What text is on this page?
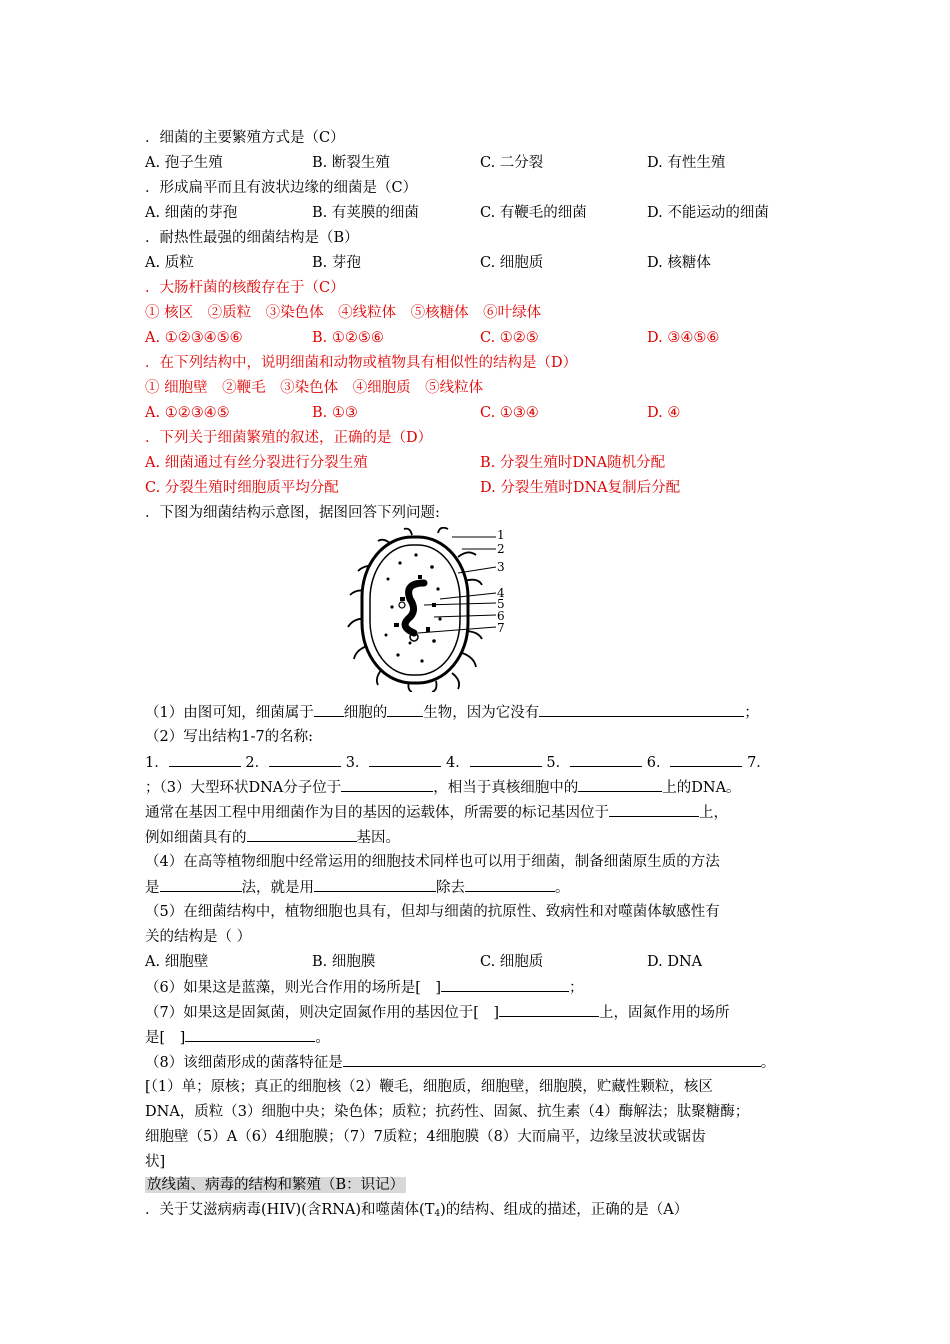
．细菌的主要繁殖方式是（C）
A. 孢子生殖	B. 断裂生殖	C. 二分裂	D. 有性生殖
．形成扁平而且有波状边缘的细菌是（C）
A. 细菌的芽孢	B. 有荚膜的细菌	C. 有鞭毛的细菌	D. 不能运动的细菌
．耐热性最强的细菌结构是（B）
A. 质粒	B. 芽孢	C. 细胞质	D. 核糖体
．大肠杆菌的核酸存在于（C）
① 核区　②质粒　③染色体　④线粒体　⑤核糖体　⑥叶绿体
A. ①②③④⑤⑥	B. ①②⑤⑥	C. ①②⑤	D. ③④⑤⑥
．在下列结构中，说明细菌和动物或植物具有相似性的结构是（D）
① 细胞壁　②鞭毛　③染色体　④细胞质　⑤线粒体
A. ①②③④⑤	B. ①③	C. ①③④	D. ④
．下列关于细菌繁殖的叙述，正确的是（D）
A. 细菌通过有丝分裂进行分裂生殖	B. 分裂生殖时DNA随机分配
C. 分裂生殖时细胞质平均分配	D. 分裂生殖时DNA复制后分配
．下图为细菌结构示意图，据图回答下列问题:
1
2
3
4
5
6
7
（1）由图可知，细菌属于 细胞的 生物，因为它没有	；
（2）写出结构1-7的名称:
1．	2．	3．	4．	5．	6．	7．
；（3）大型环状DNA分子位于	，相当于真核细胞中的	上的DNA。
通常在基因工程中用细菌作为目的基因的运载体，所需要的标记基因位于	上，
例如细菌具有的	基因。
（4）在高等植物细胞中经常运用的细胞技术同样也可以用于细菌，制备细菌原生质的方法
是	法，就是用	除去	。
（5）在细菌结构中，植物细胞也具有，但却与细菌的抗原性、致病性和对噬菌体敏感性有
关的结构是（ ）
A. 细胞壁	B. 细胞膜	C. 细胞质	D. DNA
（6）如果这是蓝藻，则光合作用的场所是[　]	；
（7）如果这是固氮菌，则决定固氮作用的基因位于[　]	上，固氮作用的场所
是[　]	。
（8）该细菌形成的菌落特征是	。
[（1）单；原核；真正的细胞核（2）鞭毛，细胞质，细胞壁，细胞膜，贮藏性颗粒，核区
DNA，质粒（3）细胞中央；染色体；质粒；抗药性、固氮、抗生素（4）酶解法；肽聚糖酶；
细胞壁（5）A（6）4细胞膜；（7）7质粒；4细胞膜（8）大而扁平，边缘呈波状或锯齿
状]
放线菌、病毒的结构和繁殖（B：识记）
．关于艾滋病病毒(HIV)(含RNA)和噬菌体$(T_4)$的结构、组成的描述，正确的是（A）
